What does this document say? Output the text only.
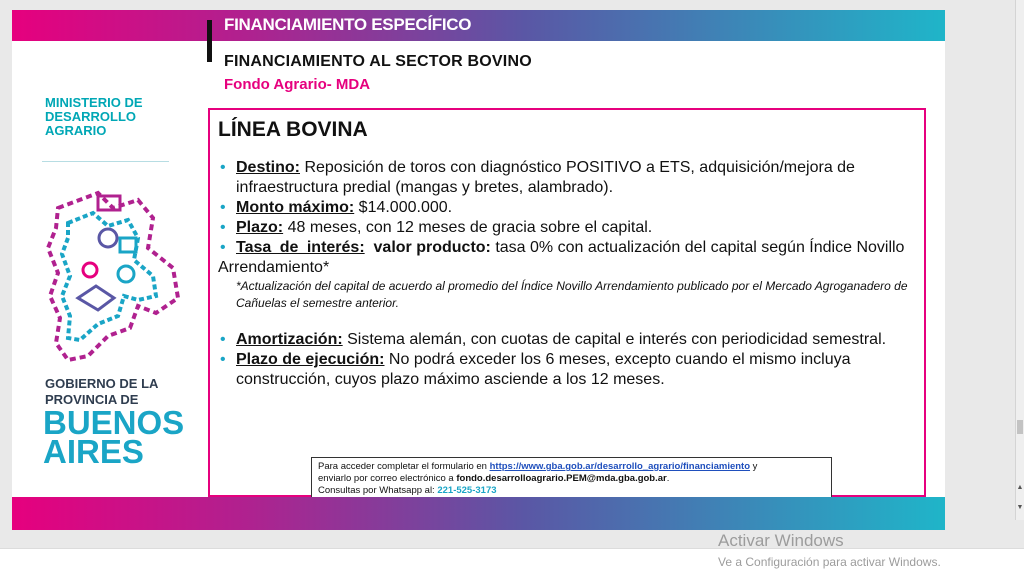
FINANCIAMIENTO ESPECÍFICO
FINANCIAMIENTO AL SECTOR BOVINO
Fondo Agrario- MDA
MINISTERIO DE DESARROLLO AGRARIO
GOBIERNO DE LA PROVINCIA DE
BUENOS AIRES
LÍNEA BOVINA
• Destino: Reposición de toros con diagnóstico POSITIVO a ETS, adquisición/mejora de infraestructura predial (mangas y bretes, alambrado).
• Monto máximo: $14.000.000.
• Plazo: 48 meses, con 12 meses de gracia sobre el capital.
• Tasa de interés: valor producto: tasa 0% con actualización del capital según Índice Novillo
Arrendamiento*
*Actualización del capital de acuerdo al promedio del Índice Novillo Arrendamiento publicado por el Mercado Agroganadero de Cañuelas el semestre anterior.
• Amortización: Sistema alemán, con cuotas de capital e interés con periodicidad semestral.
• Plazo de ejecución: No podrá exceder los 6 meses, excepto cuando el mismo incluya construcción, cuyos plazo máximo asciende a los 12 meses.
Para acceder completar el formulario en https://www.gba.gob.ar/desarrollo_agrario/financiamiento y
enviarlo por correo electrónico a fondo.desarrolloagrario.PEM@mda.gba.gob.ar.
Consultas por Whatsapp al: 221-525-3173	▲
▼
Activar Windows
Ve a Configuración para activar Windows.
